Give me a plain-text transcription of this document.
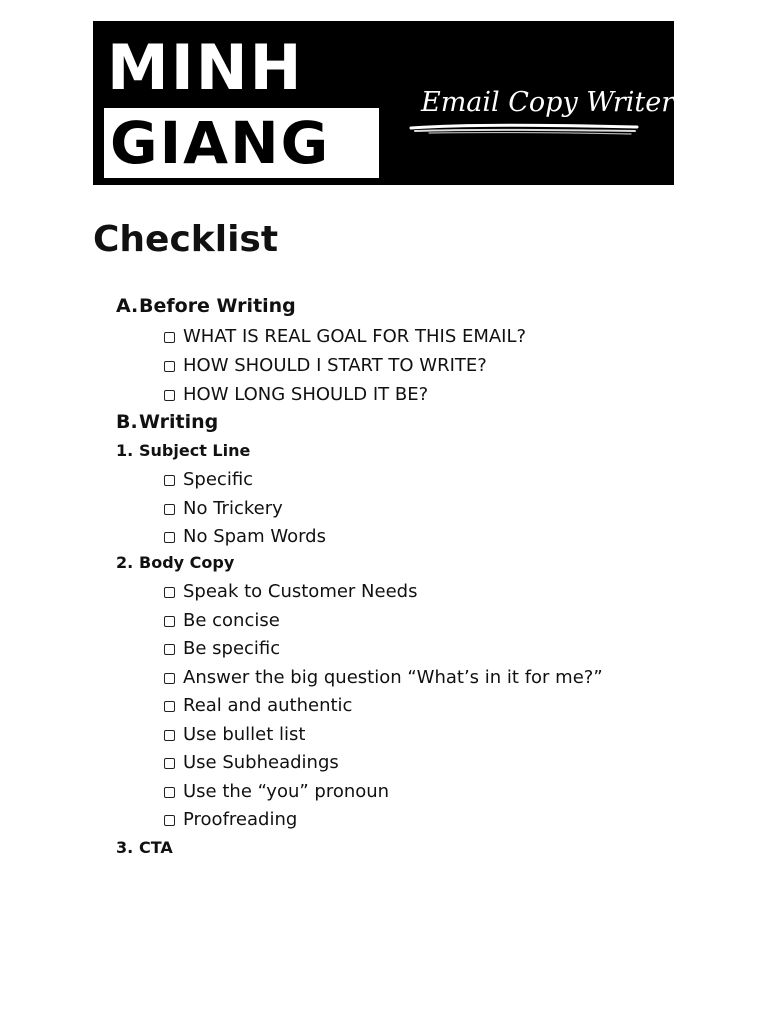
MINH
GIANG
Email Copy Writer
Checklist
A.Before Writing
WHAT IS REAL GOAL FOR THIS EMAIL?
HOW SHOULD I START TO WRITE?
HOW LONG SHOULD IT BE?
B.Writing
1. Subject Line
Specific
No Trickery
No Spam Words
2. Body Copy
Speak to Customer Needs
Be concise
Be specific
Answer the big question “What’s in it for me?”
Real and authentic
Use bullet list
Use Subheadings
Use the “you” pronoun
Proofreading
3. CTA
